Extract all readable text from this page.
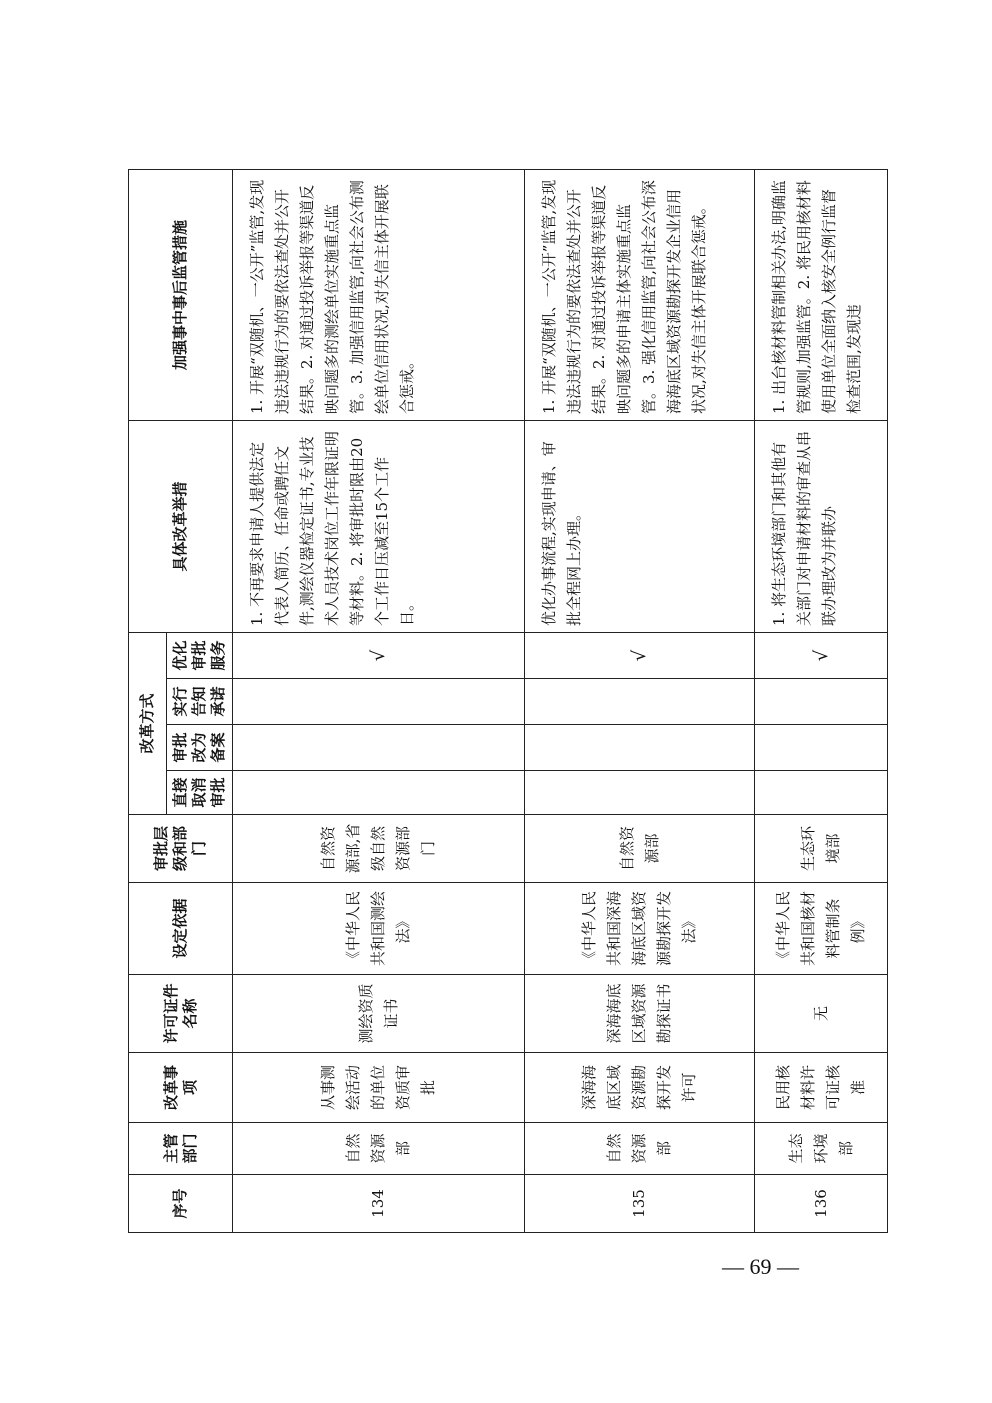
序号	主管部门	改革事项	许可证件名称	设定依据	审批层级和部门	改革方式				具体改革举措	加强事中事后监管措施
						直接取消审批	审批改为备案	实行告知承诺	优化审批服务		
134	自然资源部	从事测绘活动的单位资质审批	测绘资质证书	《中华人民共和国测绘法》	自然资源部,省级自然资源部门				√	1. 不再要求申请人提供法定代表人简历、任命或聘任文件,测绘仪器检定证书,专业技术人员技术岗位工作年限证明等材料。2. 将审批时限由20个工作日压减至15个工作日。	1. 开展“双随机、一公开”监管,发现违法违规行为的要依法查处并公开结果。2. 对通过投诉举报等渠道反映问题多的测绘单位实施重点监管。3. 加强信用监管,向社会公布测绘单位信用状况,对失信主体开展联合惩戒。
135	自然资源部	深海海底区域资源勘探开发许可	深海海底区域资源勘探证书	《中华人民共和国深海海底区域资源勘探开发法》	自然资源部				√	优化办事流程,实现申请、审批全程网上办理。	1. 开展“双随机、一公开”监管,发现违法违规行为的要依法查处并公开结果。2. 对通过投诉举报等渠道反映问题多的申请主体实施重点监管。3. 强化信用监管,向社会公布深海海底区域资源勘探开发企业信用状况,对失信主体开展联合惩戒。
136	生态环境部	民用核材料许可证核准	无	《中华人民共和国核材料管制条例》	生态环境部				√	1. 将生态环境部门和其他有关部门对申请材料的审查从串联办理改为并联办	1. 出台核材料管制相关办法,明确监管规则,加强监管。2. 将民用核材料使用单位全面纳入核安全例行监督检查范围,发现违
— 69 —
